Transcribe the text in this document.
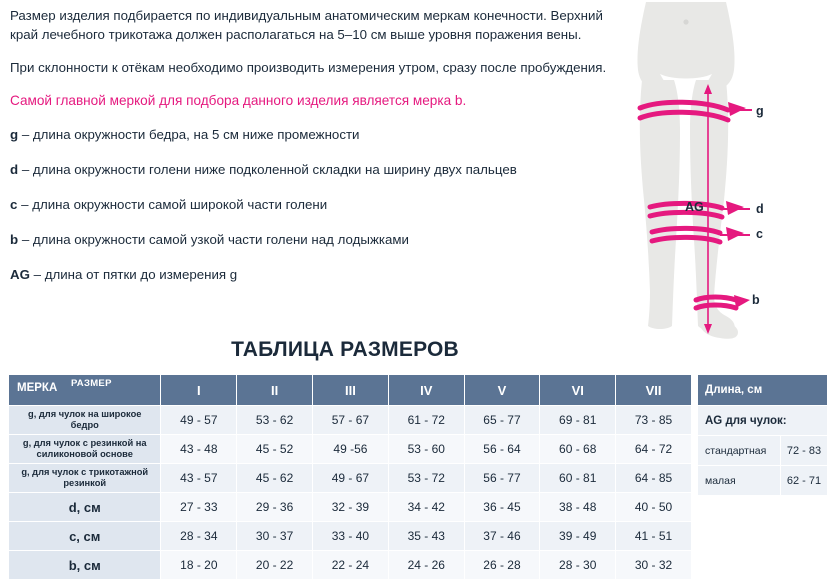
Размер изделия подбирается по индивидуальным анатомическим меркам конечности. Верхний край лечебного трикотажа должен располагаться на 5–10 см выше уровня поражения вены.

При склонности к отёкам необходимо производить измерения утром, сразу после пробуждения.

Самой главной меркой для подбора данного изделия является мерка b.

g – длина окружности бедра, на 5 см ниже промежности

d – длина окружности голени ниже подколенной складки на ширину двух пальцев

c – длина окружности самой широкой части голени

b – длина окружности самой узкой части голени над лодыжками

AG – длина от пятки до измерения g

g
d
c
b
AG
ТАБЛИЦА РАЗМЕРОВ
МЕРКА РАЗМЕР	I	II	III	IV	V	VI	VII
g, для чулок на широкое бедро	49 - 57	53 - 62	57 - 67	61 - 72	65 - 77	69 - 81	73 - 85
g, для чулок с резинкой на силиконовой основе	43 - 48	45 - 52	49 -56	53 - 60	56 - 64	60 - 68	64 - 72
g, для чулок с трикотажной резинкой	43 - 57	45 - 62	49 - 67	53 - 72	56 - 77	60 - 81	64 - 85
d, см	27 - 33	29 - 36	32 - 39	34 - 42	36 - 45	38 - 48	40 - 50
c, см	28 - 34	30 - 37	33 - 40	35 - 43	37 - 46	39 - 49	41 - 51
b, см	18 - 20	20 - 22	22 - 24	24 - 26	26 - 28	28 - 30	30 - 32
Длина, см	
AG для чулок:	
стандартная	72 - 83
малая	62 - 71
